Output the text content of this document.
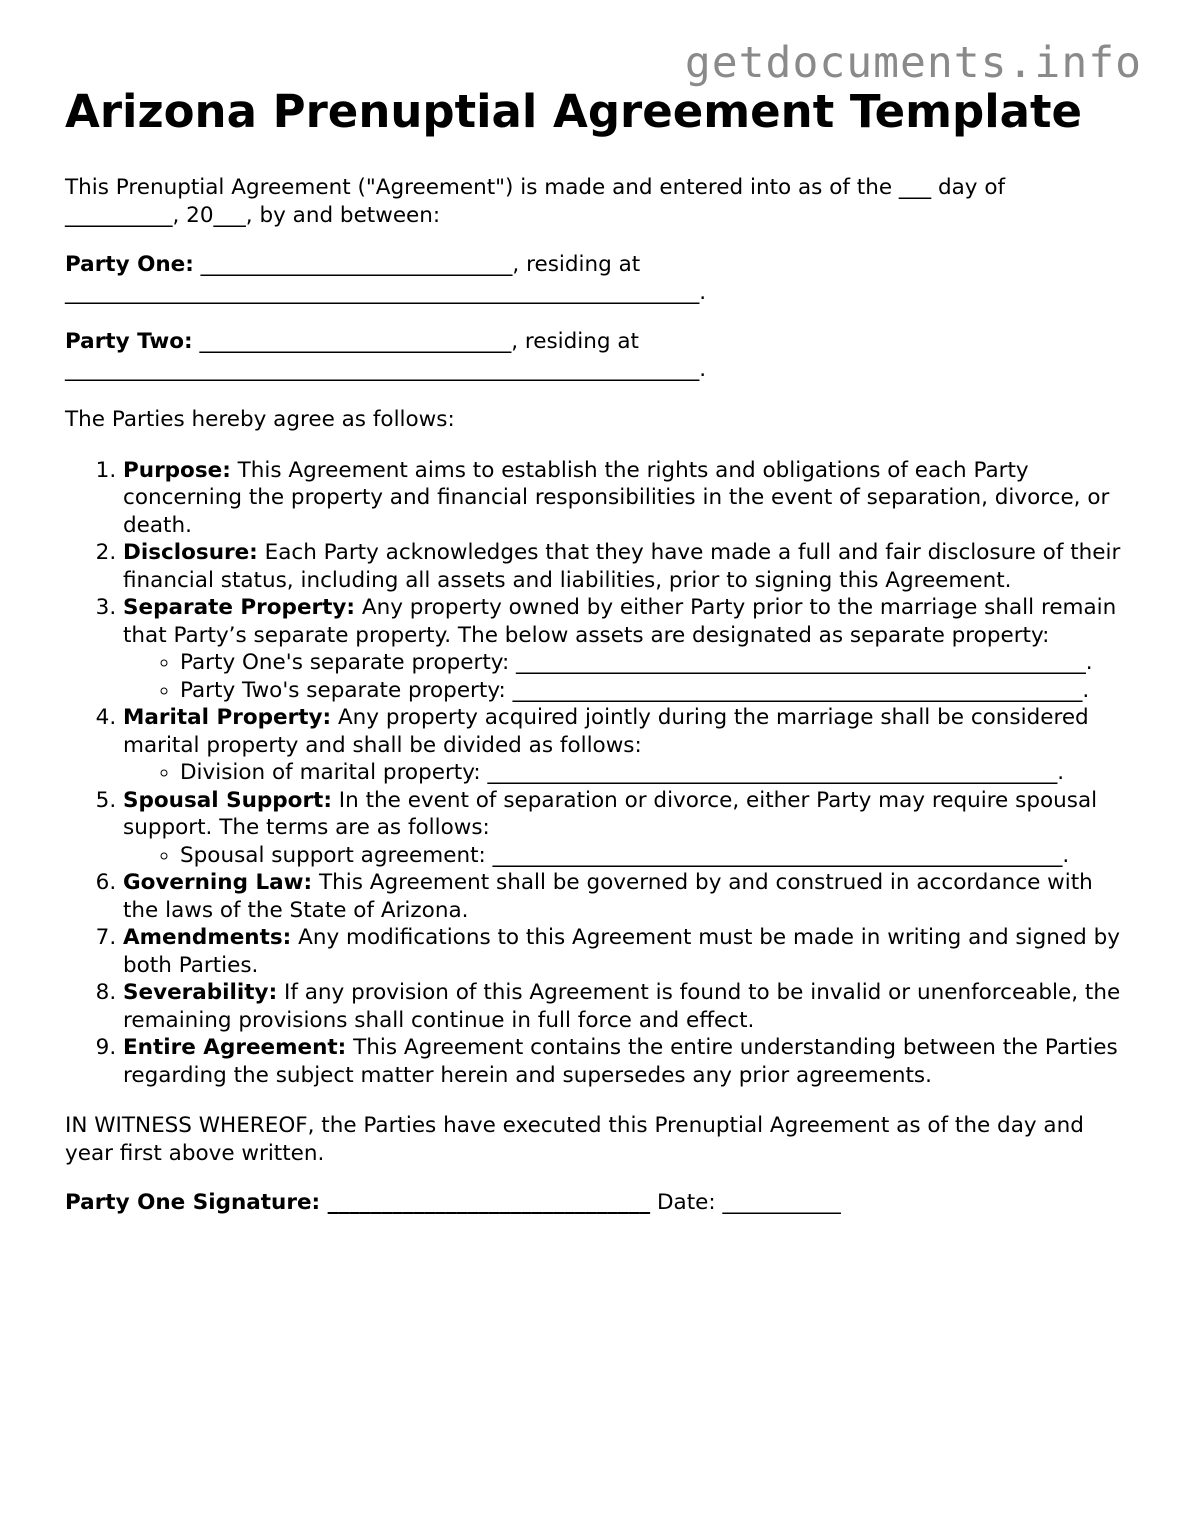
getdocuments.info
Arizona Prenuptial Agreement Template

This Prenuptial Agreement ("Agreement") is made and entered into as of the ___ day of __________, 20___, by and between:

Party One: _____________________________, residing at ___________________________________________________________.

Party Two: _____________________________, residing at ___________________________________________________________.

The Parties hereby agree as follows:

1. Purpose: This Agreement aims to establish the rights and obligations of each Party concerning the property and financial responsibilities in the event of separation, divorce, or death.
2. Disclosure: Each Party acknowledges that they have made a full and fair disclosure of their financial status, including all assets and liabilities, prior to signing this Agreement.
3. Separate Property: Any property owned by either Party prior to the marriage shall remain that Party’s separate property. The below assets are designated as separate property:
◦ Party One's separate property: _____________________________________________________.
◦ Party Two's separate property: _____________________________________________________.
4. Marital Property: Any property acquired jointly during the marriage shall be considered marital property and shall be divided as follows:
◦ Division of marital property: _____________________________________________________.
5. Spousal Support: In the event of separation or divorce, either Party may require spousal support. The terms are as follows:
◦ Spousal support agreement: _____________________________________________________.
6. Governing Law: This Agreement shall be governed by and construed in accordance with the laws of the State of Arizona.
7. Amendments: Any modifications to this Agreement must be made in writing and signed by both Parties.
8. Severability: If any provision of this Agreement is found to be invalid or unenforceable, the remaining provisions shall continue in full force and effect.
9. Entire Agreement: This Agreement contains the entire understanding between the Parties regarding the subject matter herein and supersedes any prior agreements.

IN WITNESS WHEREOF, the Parties have executed this Prenuptial Agreement as of the day and year first above written.

Party One Signature: ______________________________ Date: ___________
